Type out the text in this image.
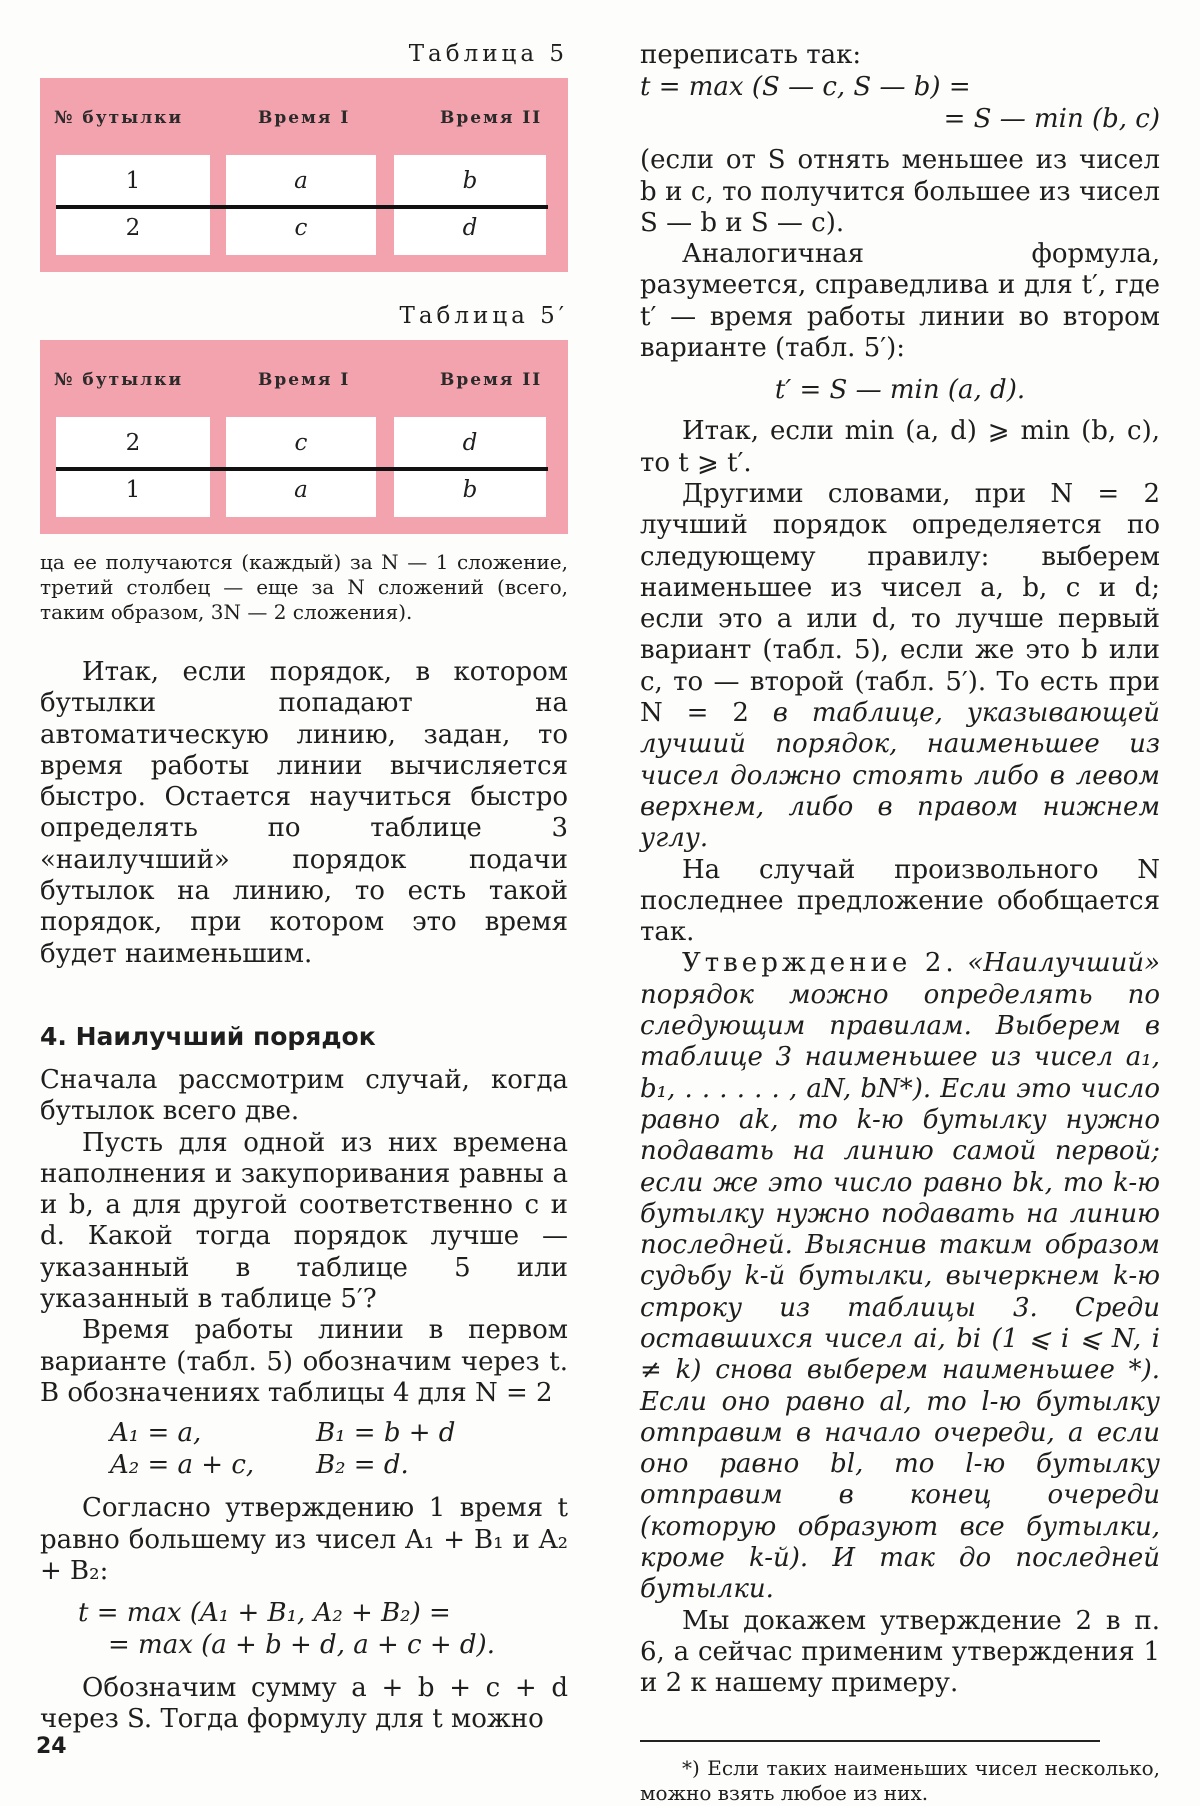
Таблица 5
№ бутылки	Время I	Время II
1	a	b
2	c	d
Таблица 5′
№ бутылки	Время I	Время II
2	c	d
1	a	b

ца ее получаются (каждый) за N — 1 сложение, третий столбец — еще за N сложений (всего, таким образом, 3N — 2 сложения).

Итак, если порядок, в котором бутылки попадают на автоматическую линию, задан, то время работы линии вычисляется быстро. Остается научиться быстро определять по таблице 3 «наилучший» порядок подачи бутылок на линию, то есть такой порядок, при котором это время будет наименьшим.

4. Наилучший порядок

Сначала рассмотрим случай, когда бутылок всего две.

Пусть для одной из них времена наполнения и закупоривания равны a и b, а для другой соответственно c и d. Какой тогда порядок лучше — указанный в таблице 5 или указанный в таблице 5′?

Время работы линии в первом варианте (табл. 5) обозначим через t. В обозначениях таблицы 4 для N = 2

A₁ = a,	B₁ = b + d
A₂ = a + c,	B₂ = d.

Согласно утверждению 1 время t равно большему из чисел A₁ + B₁ и A₂ + B₂:

t = max (A₁ + B₁, A₂ + B₂) =
= max (a + b + d, a + c + d).

Обозначим сумму a + b + c + d через S. Тогда формулу для t можно

переписать так:

t = max (S — c, S — b) =
= S — min (b, c)

(если от S отнять меньшее из чисел b и c, то получится большее из чисел S — b и S — c).

Аналогичная формула, разумеется, справедлива и для t′, где t′ — время работы линии во втором варианте (табл. 5′):

t′ = S — min (a, d).

Итак, если min (a, d) ⩾ min (b, c), то t ⩾ t′.

Другими словами, при N = 2 лучший порядок определяется по следующему правилу: выберем наименьшее из чисел a, b, c и d; если это a или d, то лучше первый вариант (табл. 5), если же это b или c, то — второй (табл. 5′). То есть при N = 2 в таблице, указывающей лучший порядок, наименьшее из чисел должно стоять либо в левом верхнем, либо в правом нижнем углу.

На случай произвольного N последнее предложение обобщается так.

Утверждение 2. «Наилучший» порядок можно определять по следующим правилам. Выберем в таблице 3 наименьшее из чисел a₁, b₁, . . . . . . , aN, bN*). Если это число равно ak, то k-ю бутылку нужно подавать на линию самой первой; если же это число равно bk, то k-ю бутылку нужно подавать на линию последней. Выяснив таким образом судьбу k-й бутылки, вычеркнем k-ю строку из таблицы 3. Среди оставшихся чисел ai, bi (1 ⩽ i ⩽ N, i ≠ k) снова выберем наименьшее *). Если оно равно al, то l-ю бутылку отправим в начало очереди, а если оно равно bl, то l-ю бутылку отправим в конец очереди (которую образуют все бутылки, кроме k-й). И так до последней бутылки.

Мы докажем утверждение 2 в п. 6, а сейчас применим утверждения 1 и 2 к нашему примеру.

*) Если таких наименьших чисел несколько, можно взять любое из них.

24
